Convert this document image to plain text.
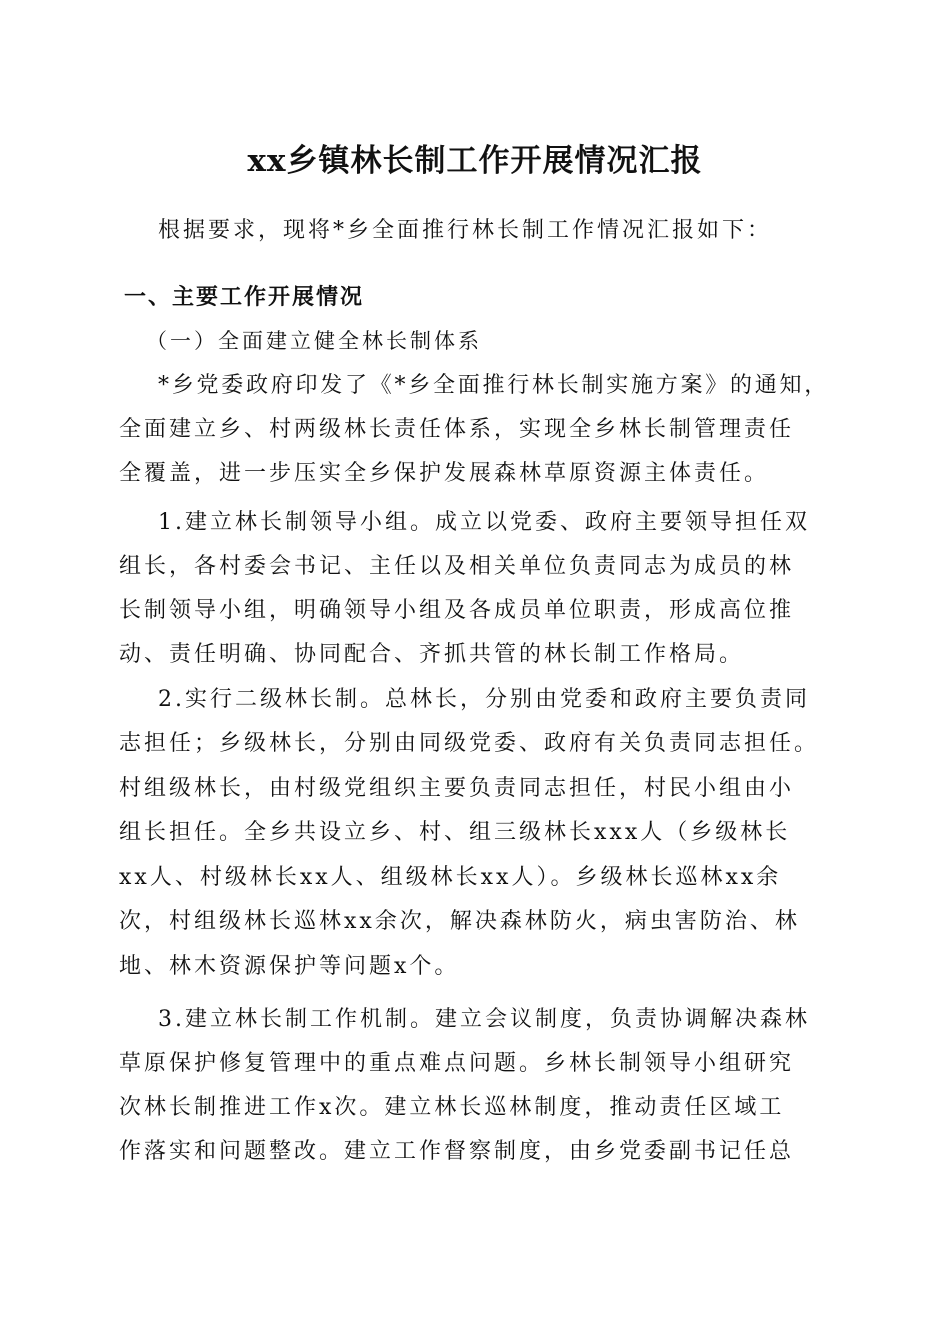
xx乡镇林长制工作开展情况汇报
根据要求，现将*乡全面推行林长制工作情况汇报如下：
一、主要工作开展情况
（一）全面建立健全林长制体系
*乡党委政府印发了《*乡全面推行林长制实施方案》的通知，
全面建立乡、村两级林长责任体系，实现全乡林长制管理责任
全覆盖，进一步压实全乡保护发展森林草原资源主体责任。
1.建立林长制领导小组。成立以党委、政府主要领导担任双
组长，各村委会书记、主任以及相关单位负责同志为成员的林
长制领导小组，明确领导小组及各成员单位职责，形成高位推
动、责任明确、协同配合、齐抓共管的林长制工作格局。
2.实行二级林长制。总林长，分别由党委和政府主要负责同
志担任；乡级林长，分别由同级党委、政府有关负责同志担任。
村组级林长，由村级党组织主要负责同志担任，村民小组由小
组长担任。全乡共设立乡、村、组三级林长xxx人（乡级林长
xx人、村级林长xx人、组级林长xx人）。乡级林长巡林xx余
次，村组级林长巡林xx余次，解决森林防火，病虫害防治、林
地、林木资源保护等问题x个。
3.建立林长制工作机制。建立会议制度，负责协调解决森林
草原保护修复管理中的重点难点问题。乡林长制领导小组研究
次林长制推进工作x次。建立林长巡林制度，推动责任区域工
作落实和问题整改。建立工作督察制度，由乡党委副书记任总
